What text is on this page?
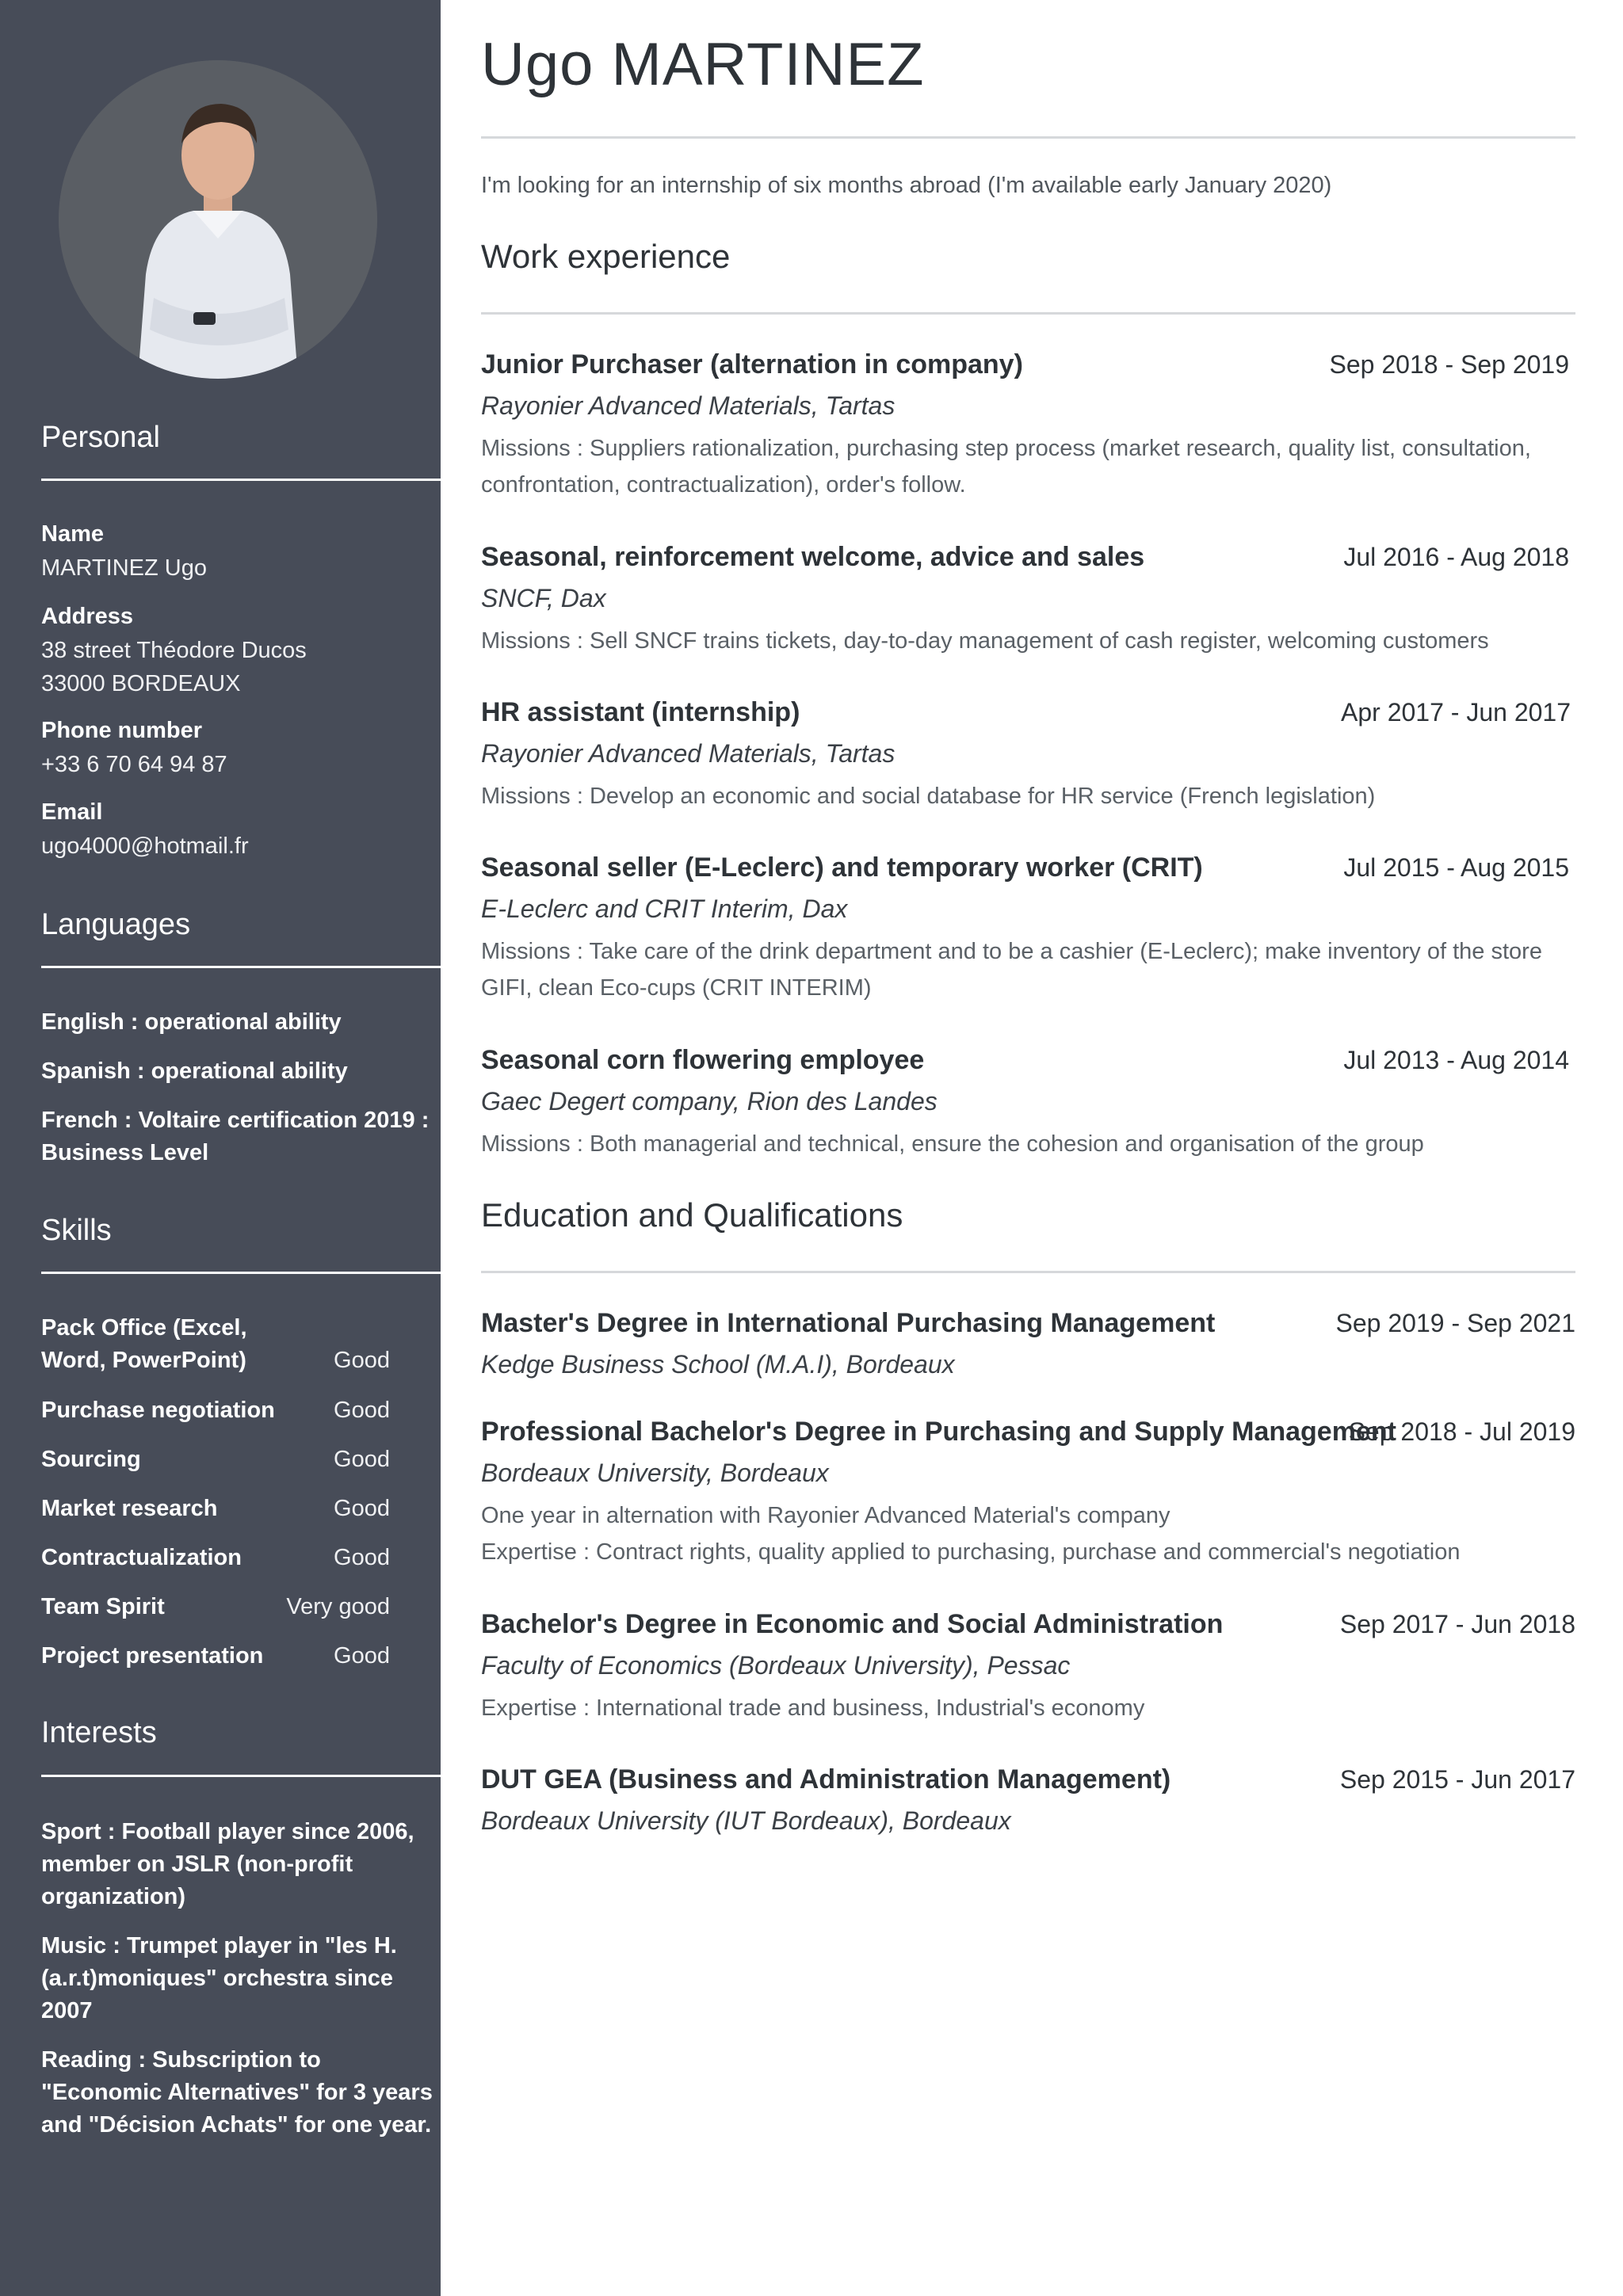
Personal
Name
MARTINEZ Ugo
Address
38 street Théodore Ducos
33000 BORDEAUX
Phone number
+33 6 70 64 94 87
Email
ugo4000@hotmail.fr
Languages
English : operational ability
Spanish : operational ability
French : Voltaire certification 2019 : Business Level
Skills
Pack Office (Excel, Word, PowerPoint)	Good
Purchase negotiation	Good
Sourcing	Good
Market research	Good
Contractualization	Good
Team Spirit	Very good
Project presentation	Good
Interests
Sport : Football player since 2006, member on JSLR (non-profit organization)
Music : Trumpet player in "les H.(a.r.t)moniques" orchestra since 2007
Reading : Subscription to "Economic Alternatives" for 3 years and "Décision Achats" for one year.
Ugo MARTINEZ
I'm looking for an internship of six months abroad (I'm available early January 2020)
Work experience
Junior Purchaser (alternation in company)	Sep 2018 - Sep 2019
Rayonier Advanced Materials, Tartas
Missions : Suppliers rationalization, purchasing step process (market research, quality list, consultation, confrontation, contractualization), order's follow.
Seasonal, reinforcement welcome, advice and sales	Jul 2016 - Aug 2018
SNCF, Dax
Missions : Sell SNCF trains tickets, day-to-day management of cash register, welcoming customers
HR assistant (internship)	Apr 2017 - Jun 2017
Rayonier Advanced Materials, Tartas
Missions : Develop an economic and social database for HR service (French legislation)
Seasonal seller (E-Leclerc) and temporary worker (CRIT)	Jul 2015 - Aug 2015
E-Leclerc and CRIT Interim, Dax
Missions : Take care of the drink department and to be a cashier (E-Leclerc); make inventory of the store GIFI, clean Eco-cups (CRIT INTERIM)
Seasonal corn flowering employee	Jul 2013 - Aug 2014
Gaec Degert company, Rion des Landes
Missions : Both managerial and technical, ensure the cohesion and organisation of the group
Education and Qualifications
Master's Degree in International Purchasing Management	Sep 2019 - Sep 2021
Kedge Business School (M.A.I), Bordeaux
Professional Bachelor's Degree in Purchasing and Supply Management
Sep 2018 - Jul 2019
Bordeaux University, Bordeaux
One year in alternation with Rayonier Advanced Material's company
Expertise : Contract rights, quality applied to purchasing, purchase and commercial's negotiation
Bachelor's Degree in Economic and Social Administration	Sep 2017 - Jun 2018
Faculty of Economics (Bordeaux University), Pessac
Expertise : International trade and business, Industrial's economy
DUT GEA (Business and Administration Management)	Sep 2015 - Jun 2017
Bordeaux University (IUT Bordeaux), Bordeaux
